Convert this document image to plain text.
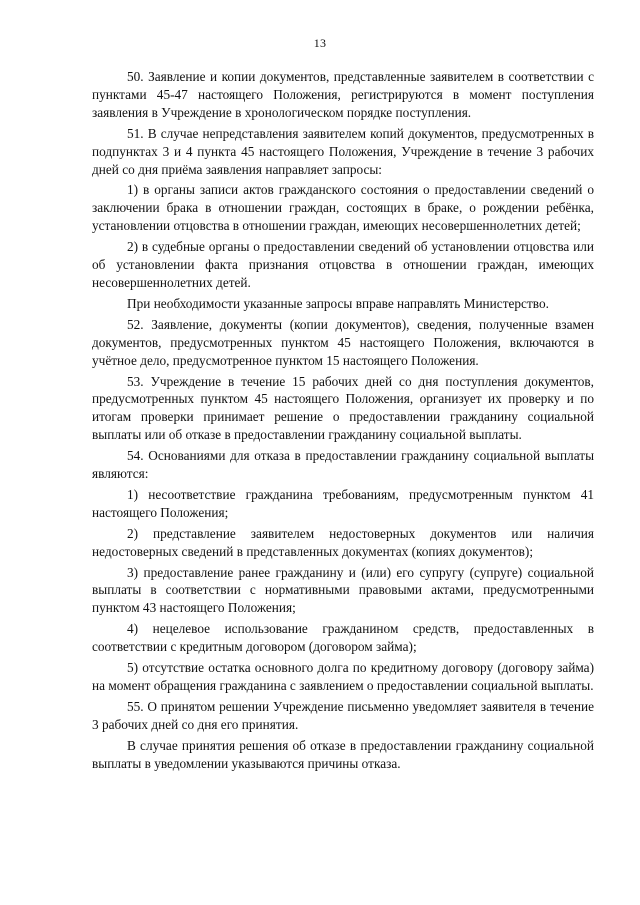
13

50. Заявление и копии документов, представленные заявителем в соответствии с пунктами 45-47 настоящего Положения, регистрируются в момент поступления заявления в Учреждение в хронологическом порядке поступления.

51. В случае непредставления заявителем копий документов, предусмотренных в подпунктах 3 и 4 пункта 45 настоящего Положения, Учреждение в течение 3 рабочих дней со дня приёма заявления направляет запросы:

1) в органы записи актов гражданского состояния о предоставлении сведений о заключении брака в отношении граждан, состоящих в браке, о рождении ребёнка, установлении отцовства в отношении граждан, имеющих несовершеннолетних детей;

2) в судебные органы о предоставлении сведений об установлении отцовства или об установлении факта признания отцовства в отношении граждан, имеющих несовершеннолетних детей.

При необходимости указанные запросы вправе направлять Министерство.

52. Заявление, документы (копии документов), сведения, полученные взамен документов, предусмотренных пунктом 45 настоящего Положения, включаются в учётное дело, предусмотренное пунктом 15 настоящего Положения.

53. Учреждение в течение 15 рабочих дней со дня поступления документов, предусмотренных пунктом 45 настоящего Положения, организует их проверку и по итогам проверки принимает решение о предоставлении гражданину социальной выплаты или об отказе в предоставлении гражданину социальной выплаты.

54. Основаниями для отказа в предоставлении гражданину социальной выплаты являются:

1) несоответствие гражданина требованиям, предусмотренным пунктом 41 настоящего Положения;

2) представление заявителем недостоверных документов или наличия недостоверных сведений в представленных документах (копиях документов);

3) предоставление ранее гражданину и (или) его супругу (супруге) социальной выплаты в соответствии с нормативными правовыми актами, предусмотренными пунктом 43 настоящего Положения;

4) нецелевое использование гражданином средств, предоставленных в соответствии с кредитным договором (договором займа);

5) отсутствие остатка основного долга по кредитному договору (договору займа) на момент обращения гражданина с заявлением о предоставлении социальной выплаты.

55. О принятом решении Учреждение письменно уведомляет заявителя в течение 3 рабочих дней со дня его принятия.

В случае принятия решения об отказе в предоставлении гражданину социальной выплаты в уведомлении указываются причины отказа.
